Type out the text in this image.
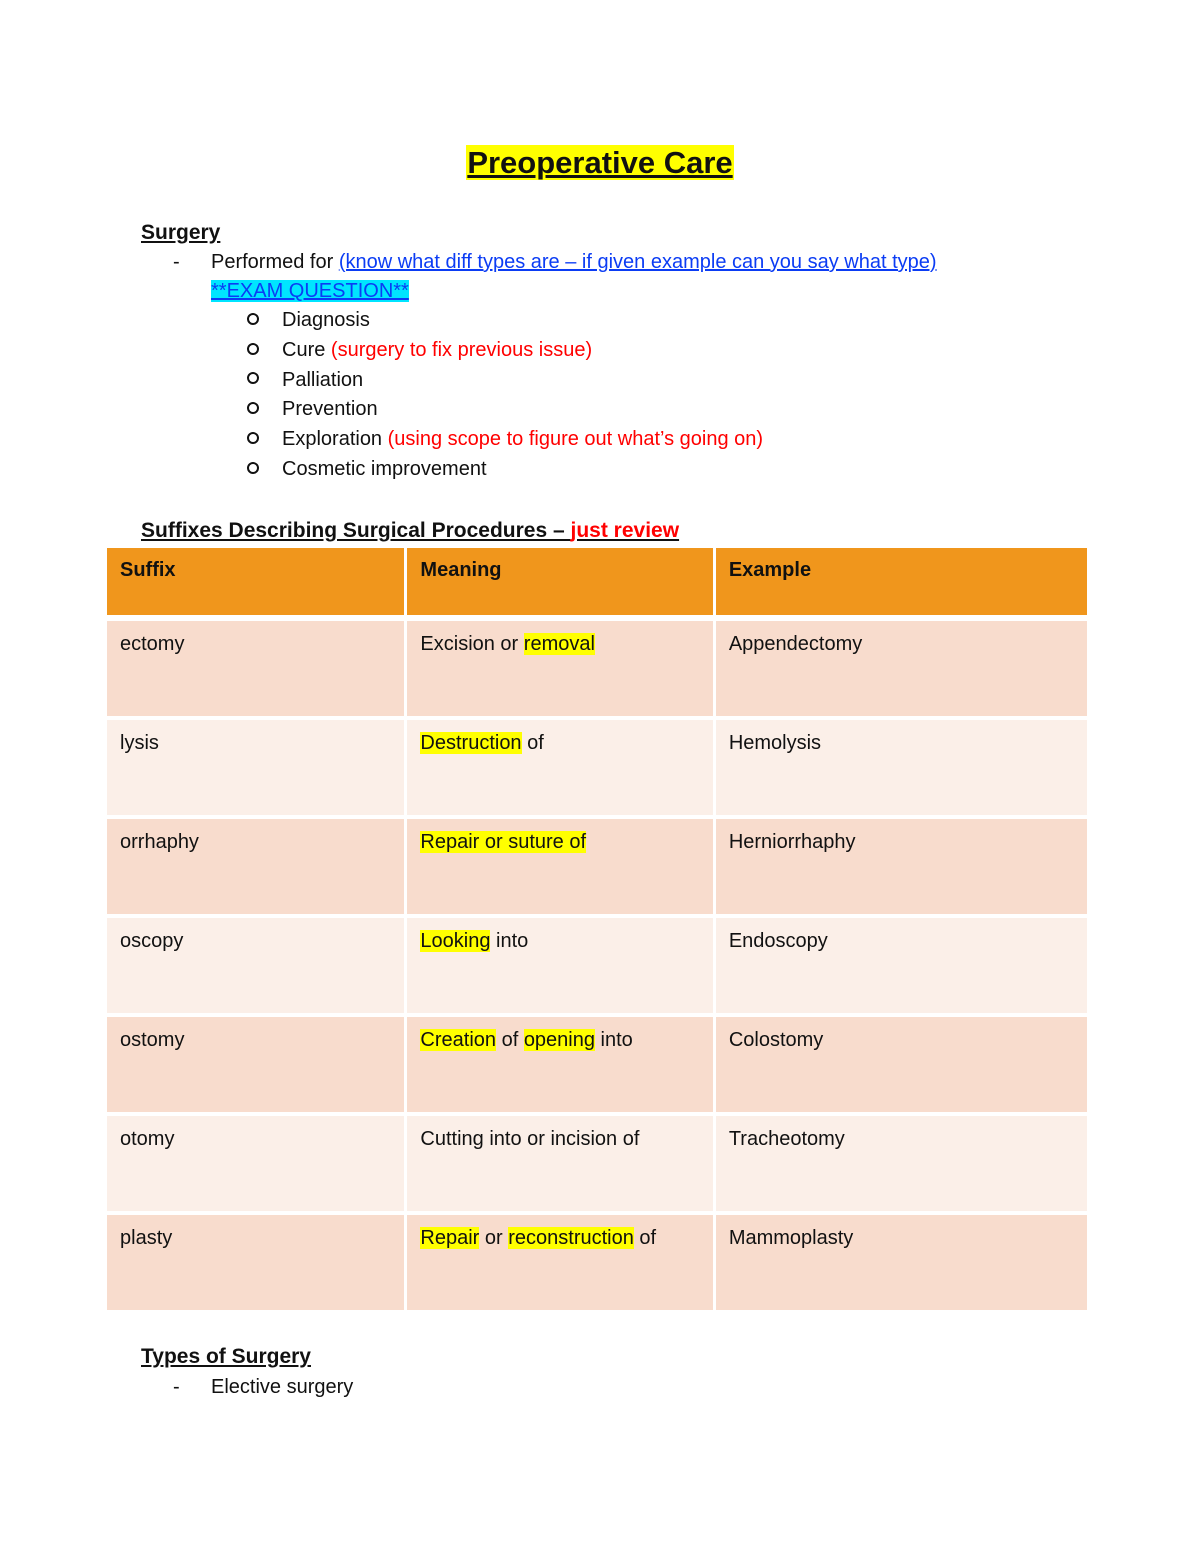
Preoperative Care
Surgery
- Performed for (know what diff types are – if given example can you say what type)
**EXAM QUESTION**
Diagnosis
Cure (surgery to fix previous issue)
Palliation
Prevention
Exploration (using scope to figure out what’s going on)
Cosmetic improvement
Suffixes Describing Surgical Procedures – just review
Suffix	Meaning	Example
ectomy	Excision or removal	Appendectomy
lysis	Destruction of	Hemolysis
orrhaphy	Repair or suture of	Herniorrhaphy
oscopy	Looking into	Endoscopy
ostomy	Creation of opening into	Colostomy
otomy	Cutting into or incision of	Tracheotomy
plasty	Repair or reconstruction of	Mammoplasty
Types of Surgery
- Elective surgery
